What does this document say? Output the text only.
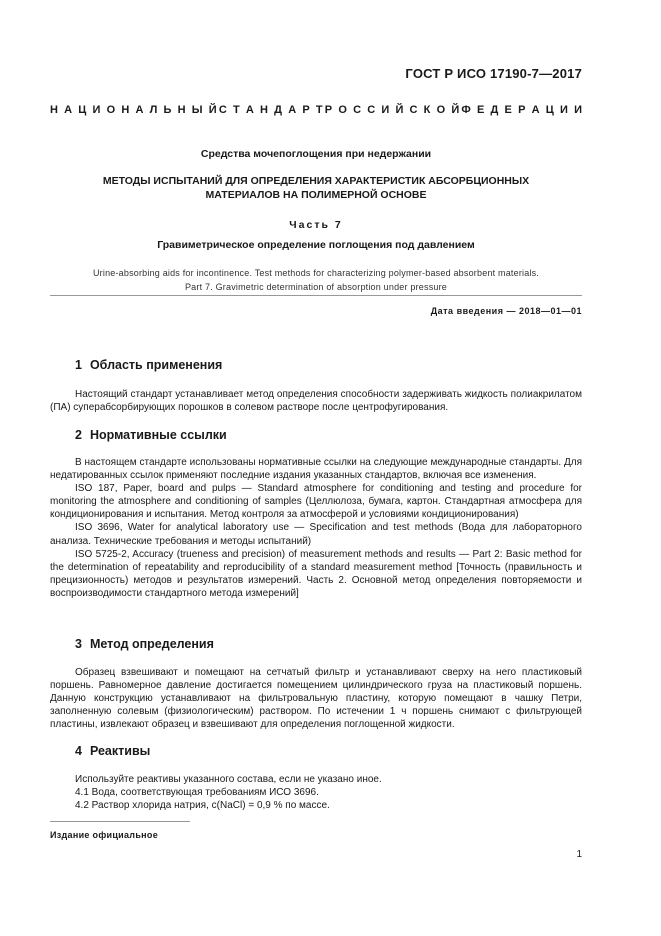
ГОСТ Р ИСО 17190-7—2017
Н А Ц И О Н А Л Ь Н Ы Й С Т А Н Д А Р Т Р О С С И Й С К О Й Ф Е Д Е Р А Ц И И
Средства мочепоглощения при недержании
МЕТОДЫ ИСПЫТАНИЙ ДЛЯ ОПРЕДЕЛЕНИЯ ХАРАКТЕРИСТИК АБСОРБЦИОННЫХ
МАТЕРИАЛОВ НА ПОЛИМЕРНОЙ ОСНОВЕ
Часть 7
Гравиметрическое определение поглощения под давлением
Urine-absorbing aids for incontinence. Test methods for characterizing polymer-based absorbent materials.
Part 7. Gravimetric determination of absorption under pressure
Дата введения — 2018—01—01
1 Область применения

Настоящий стандарт устанавливает метод определения способности задерживать жидкость полиакрилатом (ПА) суперабсорбирующих порошков в солевом растворе после центрофугирования.

2 Нормативные ссылки

В настоящем стандарте использованы нормативные ссылки на следующие международные стандарты. Для недатированных ссылок применяют последние издания указанных стандартов, включая все изменения.

ISO 187, Paper, board and pulps — Standard atmosphere for conditioning and testing and procedure for monitoring the atmosphere and conditioning of samples (Целлюлоза, бумага, картон. Стандартная атмосфера для кондиционирования и испытания. Метод контроля за атмосферой и условиями кондиционирования)

ISO 3696, Water for analytical laboratory use — Specification and test methods (Вода для лабораторного анализа. Технические требования и методы испытаний)

ISO 5725-2, Accuracy (trueness and precision) of measurement methods and results — Part 2: Basic method for the determination of repeatability and reproducibility of a standard measurement method [Точность (правильность и прецизионность) методов и результатов измерений. Часть 2. Основной метод определения повторяемости и воспроизводимости стандартного метода измерений]

3 Метод определения

Образец взвешивают и помещают на сетчатый фильтр и устанавливают сверху на него пластиковый поршень. Равномерное давление достигается помещением цилиндрического груза на пластиковый поршень. Данную конструкцию устанавливают на фильтровальную пластину, которую помещают в чашку Петри, заполненную солевым (физиологическим) раствором. По истечении 1 ч поршень снимают с фильтрующей пластины, извлекают образец и взвешивают для определения поглощенной жидкости.

4 Реактивы

Используйте реактивы указанного состава, если не указано иное.

4.1 Вода, соответствующая требованиям ИСО 3696.

4.2 Раствор хлорида натрия, c(NaCl) = 0,9 % по массе.

Издание официальное
1
